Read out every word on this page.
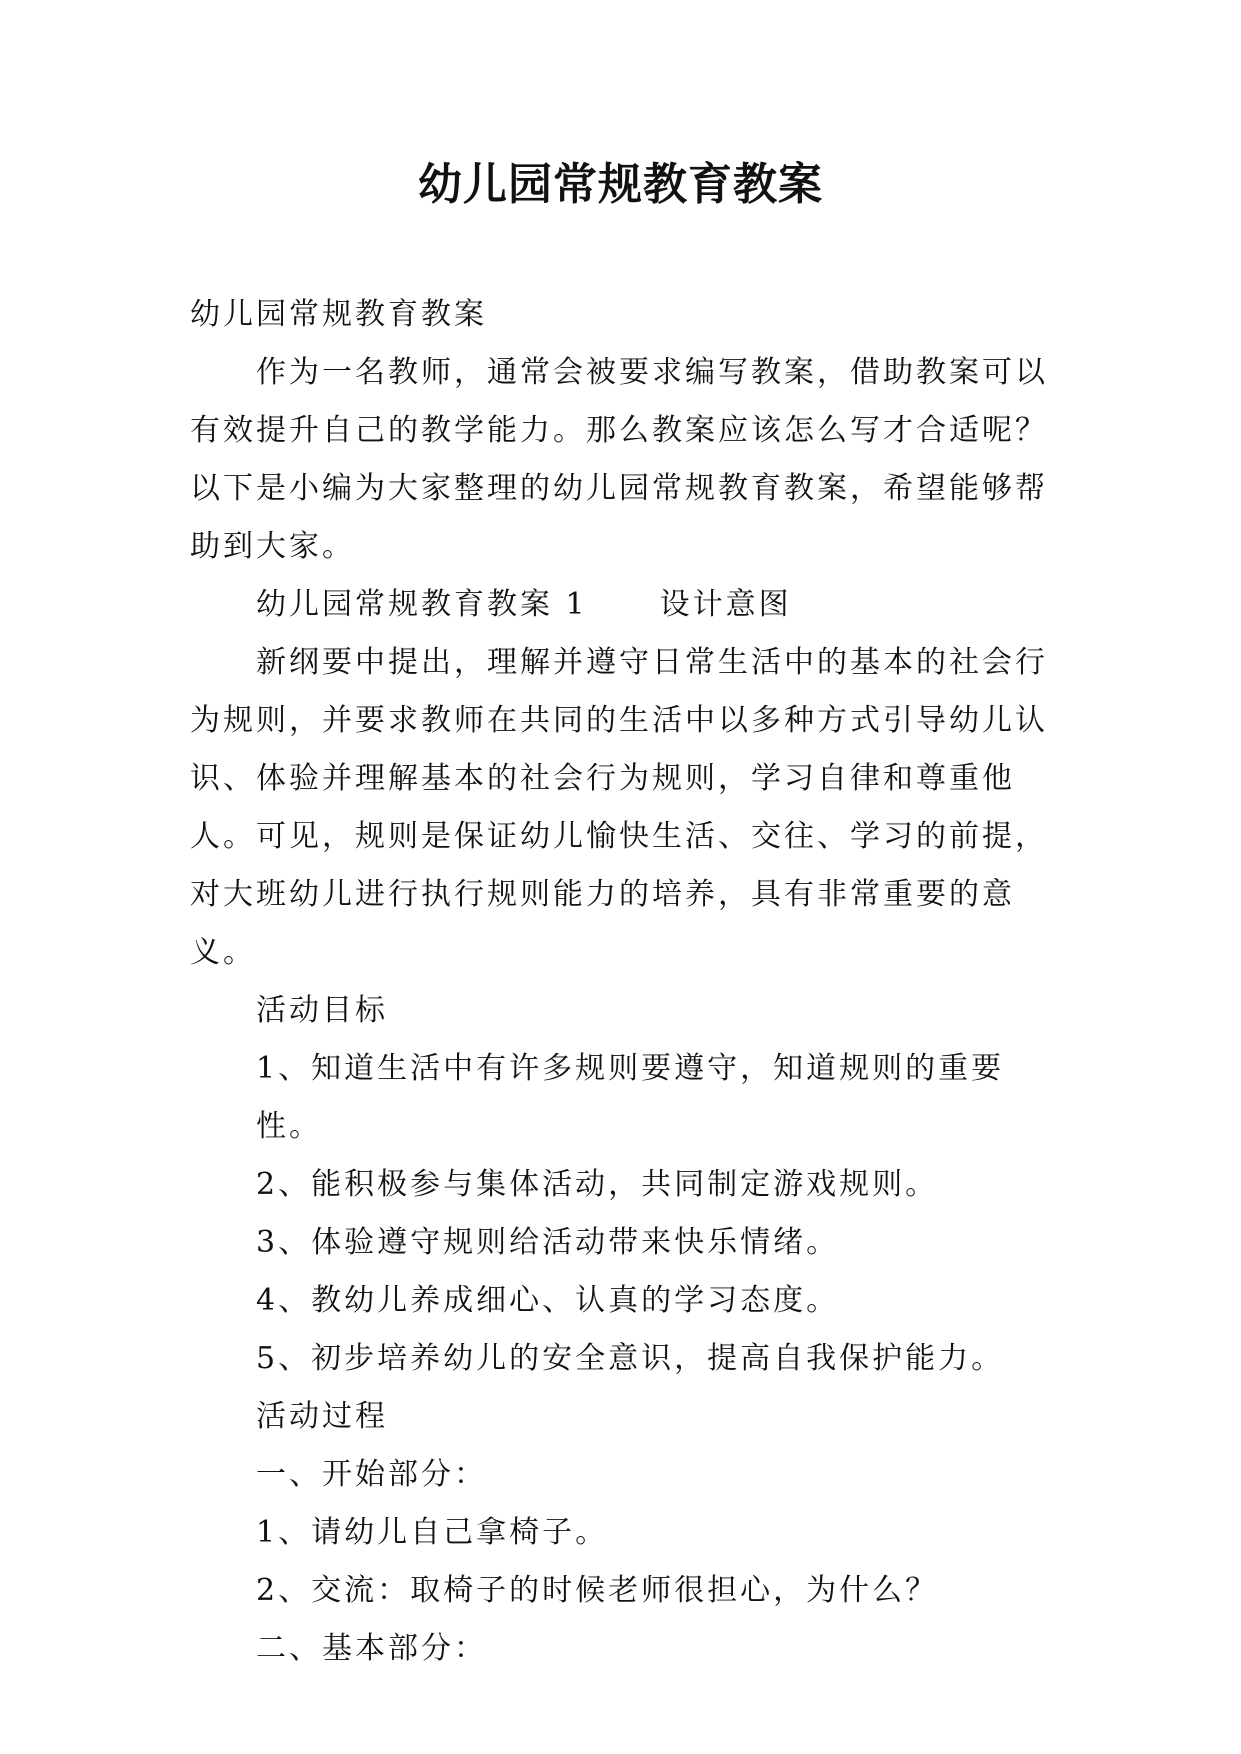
幼儿园常规教育教案

幼儿园常规教育教案

作为一名教师，通常会被要求编写教案，借助教案可以有效提升自己的教学能力。那么教案应该怎么写才合适呢？以下是小编为大家整理的幼儿园常规教育教案，希望能够帮助到大家。

幼儿园常规教育教案 1 设计意图

新纲要中提出，理解并遵守日常生活中的基本的社会行为规则，并要求教师在共同的生活中以多种方式引导幼儿认识、体验并理解基本的社会行为规则，学习自律和尊重他人。可见，规则是保证幼儿愉快生活、交往、学习的前提，对大班幼儿进行执行规则能力的培养，具有非常重要的意义。

活动目标

1、知道生活中有许多规则要遵守，知道规则的重要性。

2、能积极参与集体活动，共同制定游戏规则。

3、体验遵守规则给活动带来快乐情绪。

4、教幼儿养成细心、认真的学习态度。

5、初步培养幼儿的安全意识，提高自我保护能力。

活动过程

一、开始部分：

1、请幼儿自己拿椅子。

2、交流：取椅子的时候老师很担心，为什么？

二、基本部分：
